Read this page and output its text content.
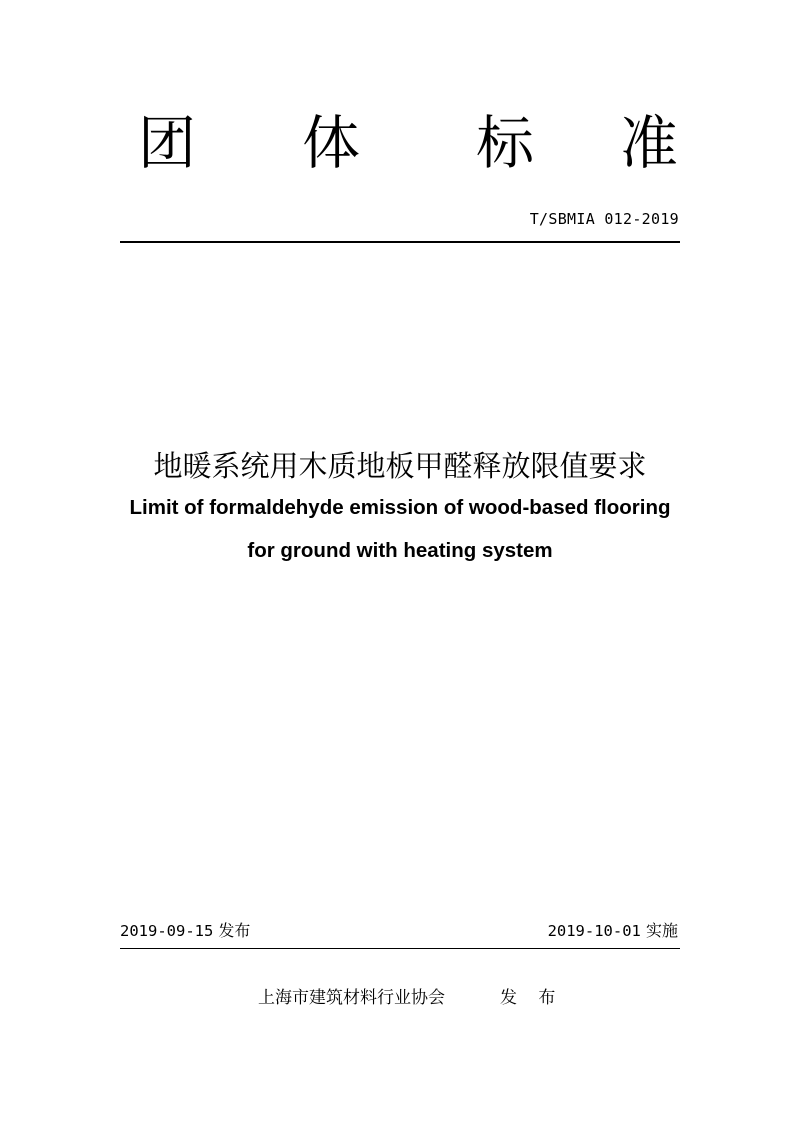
团 体 标 准
T/SBMIA 012-2019
地暖系统用木质地板甲醛释放限值要求
Limit of formaldehyde emission of wood-based flooring
for ground with heating system
2019-09-15 发布	2019-10-01 实施
上海市建筑材料行业协会	发 布
